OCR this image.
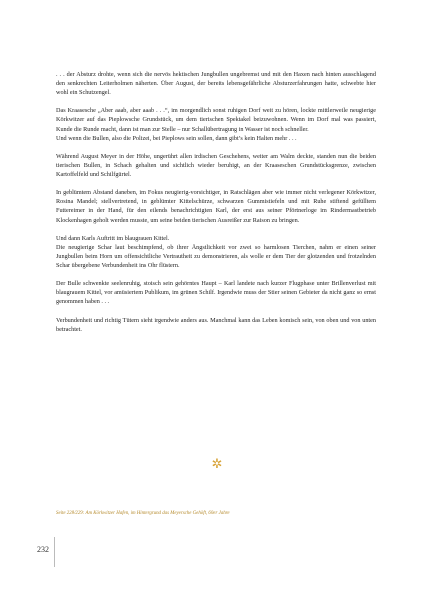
. . . der Absturz drohte, wenn sich die nervös hektischen Jungbullen ungebremst und mit den Haxen nach hinten ausschlagend den senkrechten Leiterholmen näherten. Über August, der bereits lebensgefährliche Absturzerfahrungen hatte, schwebte hier wohl ein Schutzengel.

Das Kraasesche „Aber aaab, aber aaab . . .“, im morgendlich sonst ruhigen Dorf weit zu hören, lockte mittlerweile neugierige Körkwitzer auf das Pieplowsche Grundstück, um dem tierischen Spektakel beizuwohnen. Wenn im Dorf mal was passiert, Kunde die Runde macht, dann ist man zur Stelle – nur Schallübertragung in Wasser ist noch schneller.
Und wenn die Bullen, also die Polizei, bei Pieplows sein sollen, dann gibt’s kein Halten mehr . . .

Während August Meyer in der Höhe, ungerührt allen irdischen Geschehens, weiter am Walm deckte, standen nun die beiden tierischen Bullen, in Schach gehalten und sichtlich wieder beruhigt, an der Kraaseschen Grundstücksgrenze, zwischen Kartoffelfeld und Schilfgürtel.

In geblümtem Abstand daneben, im Fokus neugierig-vorsichtiger, in Ratschlägen aber wie immer nicht verlegener Körkwitzer, Rosina Mandel; stellvertretend, in geblümter Kittelschürze, schwarzen Gummistiefeln und mit Ruhe stiftend gefülltem Futtereimer in der Hand, für den eilends benachrichtigten Karl, der erst aus seiner Pförtnerloge im Rindermastbetrieb Klockenhagen geholt werden musste, um seine beiden tierischen Ausreißer zur Raison zu bringen.

Und dann Karls Auftritt im blaugrauen Kittel.
Die neugierige Schar laut beschimpfend, ob ihrer Ängstlichkeit vor zwei so harmlosen Tierchen, nahm er einen seiner Jungbullen beim Horn um offensichtliche Vertrautheit zu demonstrieren, als wolle er dem Tier der glotzenden und frotzelnden Schar übergebene Verbundenheit ins Ohr flüstern.

Der Bulle schwenkte seelenruhig, stoisch sein gehörntes Haupt – Karl landete nach kurzer Flugphase unter Brillenverlust mit blaugrauem Kittel, vor amüsiertem Publikum, im grünen Schilf. Irgendwie muss der Stier seinen Gebieter da nicht ganz so ernst genommen haben . . .

Verbundenheit und richtig Tütern sieht irgendwie anders aus. Manchmal kann das Leben komisch sein, von oben und von unten betrachtet.

✲
Seite 228/229: Am Körkwitzer Hafen, im Hintergrund das Meyersche Gehöft, 60er Jahre
232
